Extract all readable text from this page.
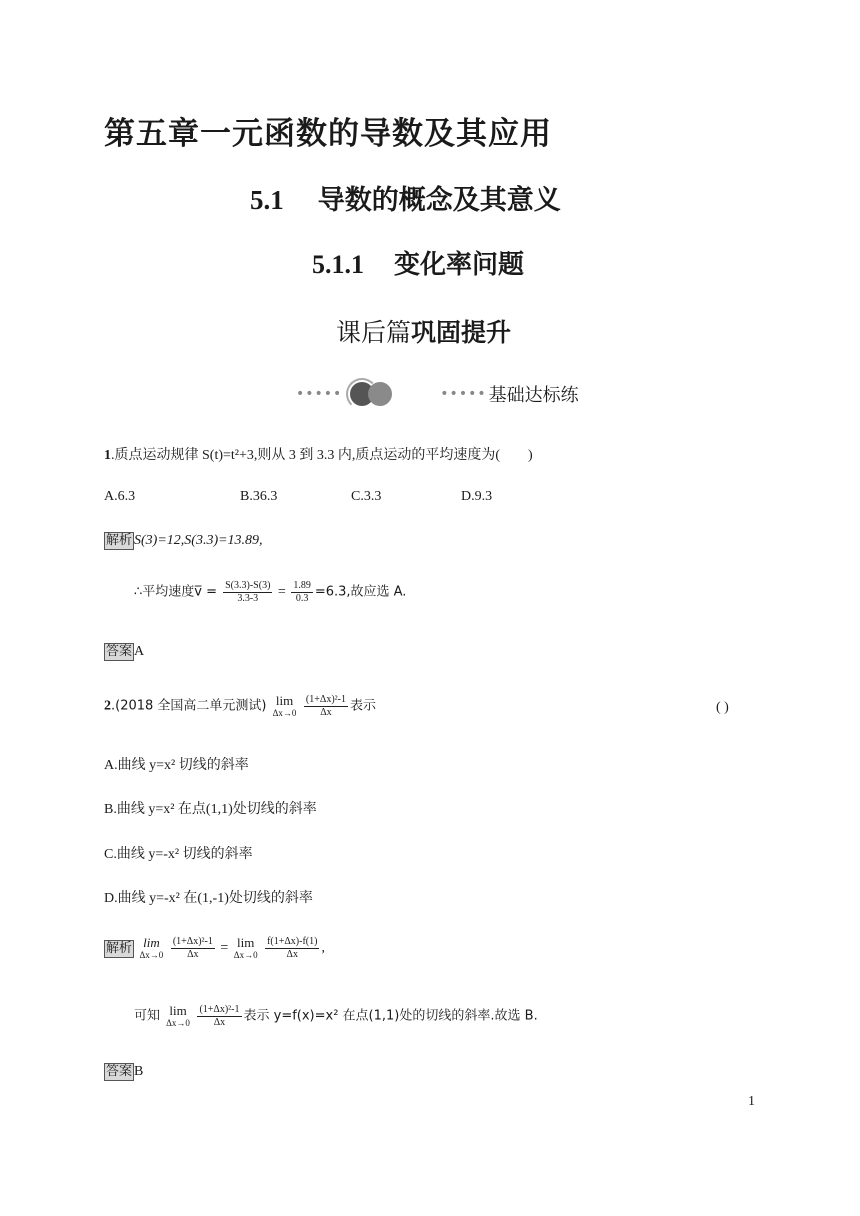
第五章一元函数的导数及其应用
5.1 导数的概念及其意义
5.1.1 变化率问题
课后篇巩固提升
•••••	••••• 基础达标练
1.质点运动规律 S(t)=t²+3,则从 3 到 3.3 内,质点运动的平均速度为( )
A.6.3	B.36.3	C.3.3	D.9.3
解析 S(3)=12,S(3.3)=13.89,
∴平均速度v̅ = $\frac{S(3.3)-S(3)}{3.3-3} = \frac{1.89}{0.3} =6.3$,故应选 A.
答案 A
2.(2018 全国高二单元测试) lim
Δx→0
$\frac{\text{(1+Δx)²-1}}{\Delta x}$ 表示	( )
A.曲线 y=x² 切线的斜率
B.曲线 y=x² 在点(1,1)处切线的斜率
C.曲线 y=-x² 切线的斜率
D.曲线 y=-x² 在(1,-1)处切线的斜率
解析 lim
Δx→0
$\frac{\text{(1+Δx)²-1}}{\Delta x} = \lim$
Δx→0
$\frac{f(1+\Delta x)-f(1)}{\Delta x}$ ,
可知 lim
Δx→0
$\frac{\text{(1+Δx)²-1}}{\Delta x}$ 表示 y=f(x)=x² 在点(1,1)处的切线的斜率.故选 B.
答案 B
1
